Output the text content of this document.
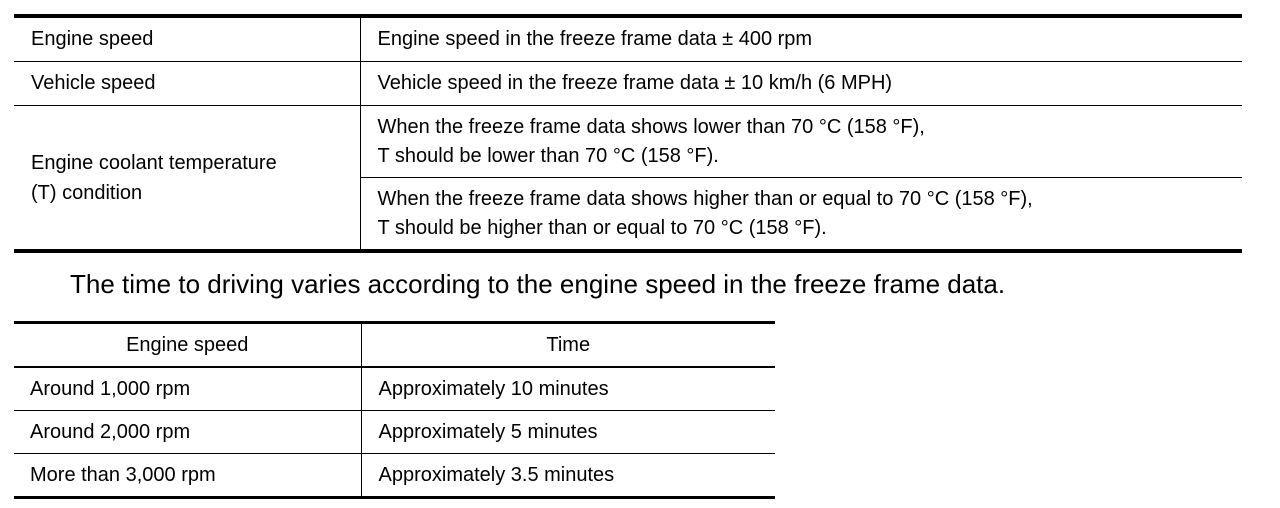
Engine speed	Engine speed in the freeze frame data ± 400 rpm
Vehicle speed	Vehicle speed in the freeze frame data ± 10 km/h (6 MPH)
Engine coolant temperature
(T) condition	When the freeze frame data shows lower than 70 °C (158 °F),
T should be lower than 70 °C (158 °F).
	When the freeze frame data shows higher than or equal to 70 °C (158 °F),
T should be higher than or equal to 70 °C (158 °F).

The time to driving varies according to the engine speed in the freeze frame data.

Engine speed	Time
Around 1,000 rpm	Approximately 10 minutes
Around 2,000 rpm	Approximately 5 minutes
More than 3,000 rpm	Approximately 3.5 minutes
